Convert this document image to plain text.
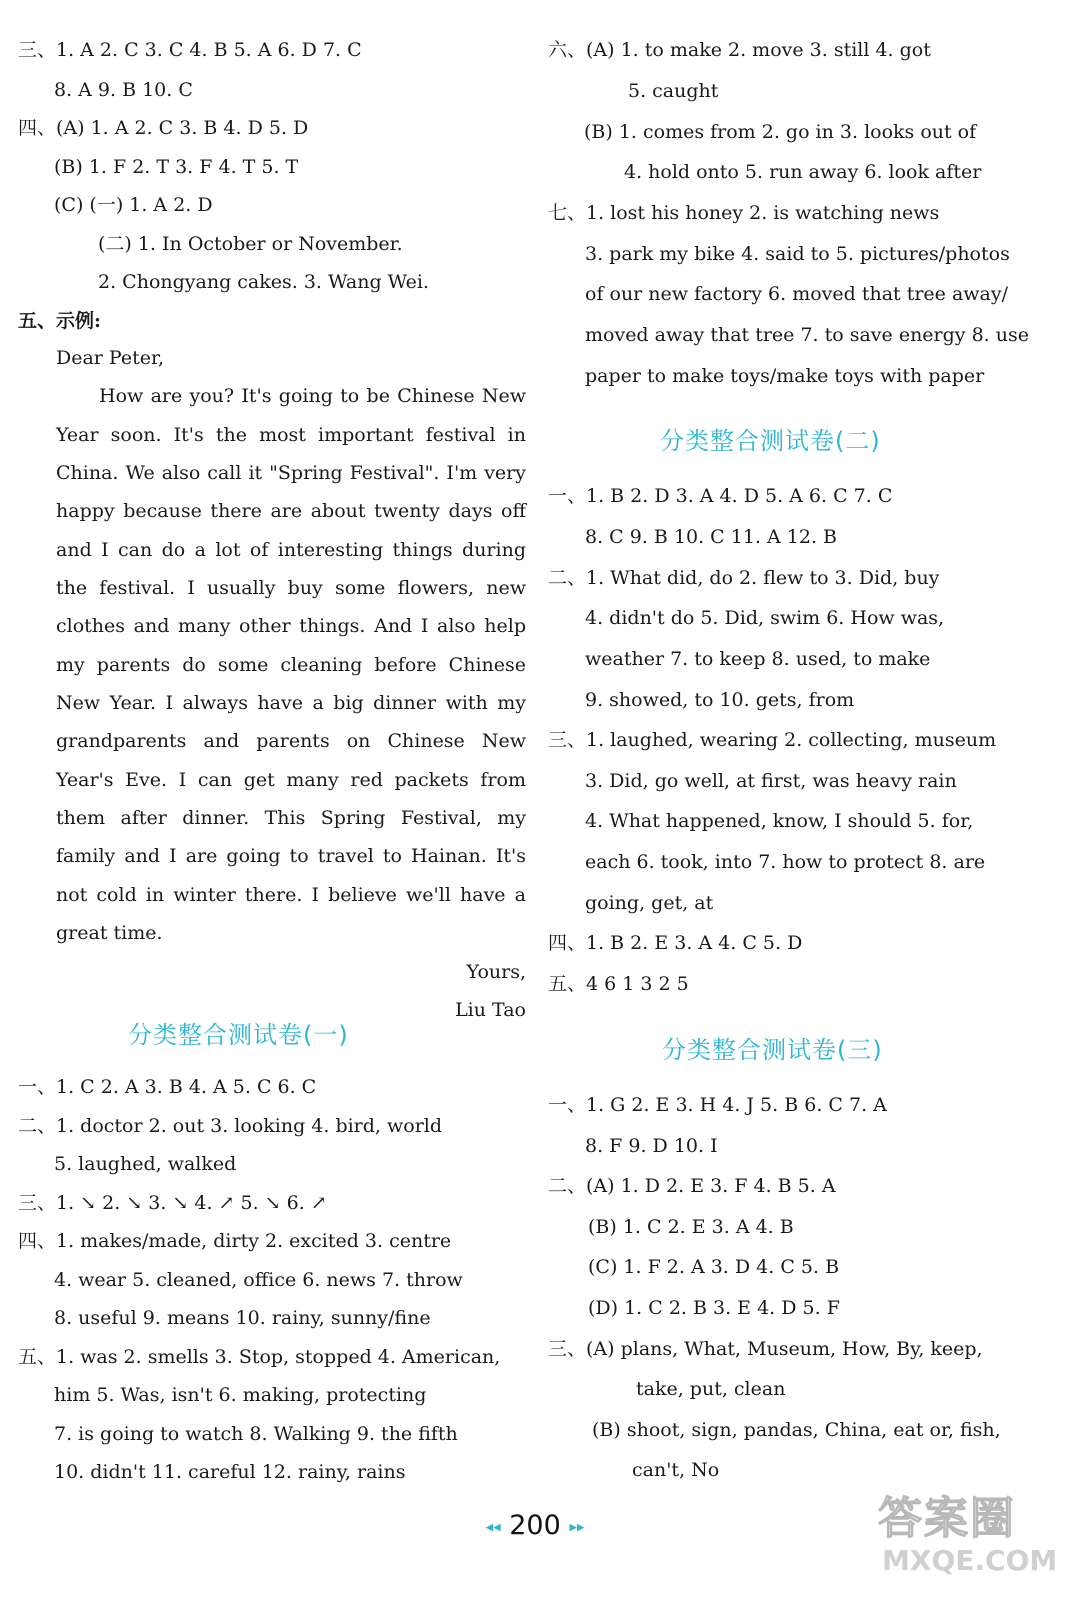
三、1. A 2. C 3. C 4. B 5. A 6. D 7. C
8. A 9. B 10. C
四、(A) 1. A 2. C 3. B 4. D 5. D
(B) 1. F 2. T 3. F 4. T 5. T
(C) (一) 1. A 2. D
(二) 1. In October or November.
2. Chongyang cakes. 3. Wang Wei.
五、示例:
Dear Peter,
How are you? It's going to be Chinese New Year soon. It's the most important festival in China. We also call it "Spring Festival". I'm very happy because there are about twenty days off and I can do a lot of interesting things during the festival. I usually buy some flowers, new clothes and many other things. And I also help my parents do some cleaning before Chinese New Year. I always have a big dinner with my grandparents and parents on Chinese New Year's Eve. I can get many red packets from them after dinner. This Spring Festival, my family and I are going to travel to Hainan. It's not cold in winter there. I believe we'll have a great time.
Yours,
Liu Tao
分类整合测试卷(一)
一、1. C 2. A 3. B 4. A 5. C 6. C
二、1. doctor 2. out 3. looking 4. bird, world
5. laughed, walked
三、1. ↘ 2. ↘ 3. ↘ 4. ↗ 5. ↘ 6. ↗
四、1. makes/made, dirty 2. excited 3. centre
4. wear 5. cleaned, office 6. news 7. throw
8. useful 9. means 10. rainy, sunny/fine
五、1. was 2. smells 3. Stop, stopped 4. American,
him 5. Was, isn't 6. making, protecting
7. is going to watch 8. Walking 9. the fifth
10. didn't 11. careful 12. rainy, rains
六、(A) 1. to make 2. move 3. still 4. got
5. caught
(B) 1. comes from 2. go in 3. looks out of
4. hold onto 5. run away 6. look after
七、1. lost his honey 2. is watching news
3. park my bike 4. said to 5. pictures/photos
of our new factory 6. moved that tree away/
moved away that tree 7. to save energy 8. use
paper to make toys/make toys with paper
分类整合测试卷(二)
一、1. B 2. D 3. A 4. D 5. A 6. C 7. C
8. C 9. B 10. C 11. A 12. B
二、1. What did, do 2. flew to 3. Did, buy
4. didn't do 5. Did, swim 6. How was,
weather 7. to keep 8. used, to make
9. showed, to 10. gets, from
三、1. laughed, wearing 2. collecting, museum
3. Did, go well, at first, was heavy rain
4. What happened, know, I should 5. for,
each 6. took, into 7. how to protect 8. are
going, get, at
四、1. B 2. E 3. A 4. C 5. D
五、4 6 1 3 2 5
分类整合测试卷(三)
一、1. G 2. E 3. H 4. J 5. B 6. C 7. A
8. F 9. D 10. I
二、(A) 1. D 2. E 3. F 4. B 5. A
(B) 1. C 2. E 3. A 4. B
(C) 1. F 2. A 3. D 4. C 5. B
(D) 1. C 2. B 3. E 4. D 5. F
三、(A) plans, What, Museum, How, By, keep,
take, put, clean
(B) shoot, sign, pandas, China, eat or, fish,
can't, No
◂◂ 200 ▸▸	答案圈
MXQE.COM
